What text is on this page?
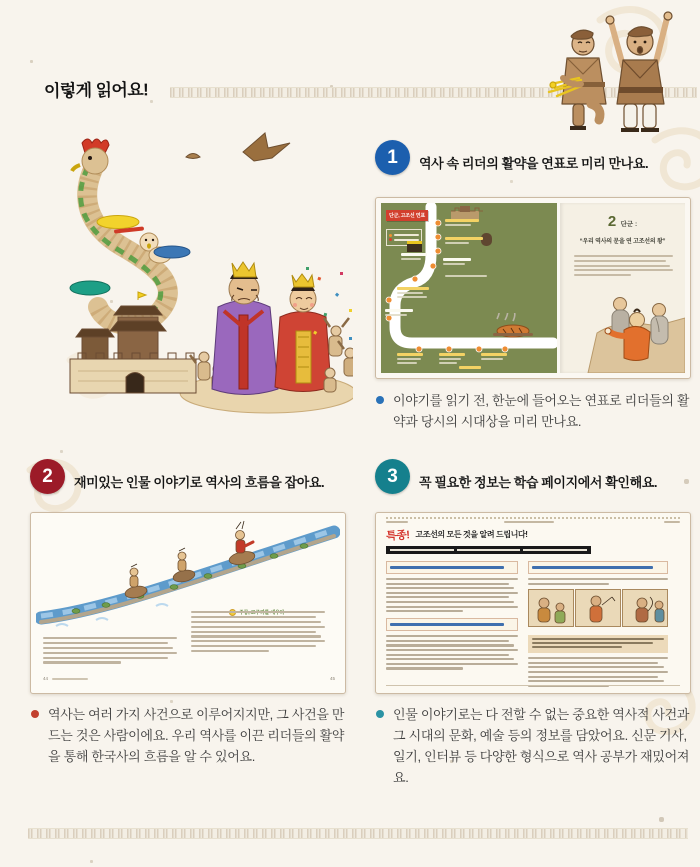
이렇게 읽어요!
1	역사 속 리더의 활약을 연표로 미리 만나요.
단군, 고조선 연표	2 단군 :
“우리 역사의 문을 연 고조선의 왕”
이야기를 읽기 전, 한눈에 들어오는 연표로 리더들의 활약과 당시의 시대상을 미리 만나요.
2	재미있는 인물 이야기로 역사의 흐름을 잡아요.
44	45
역사는 여러 가지 사건으로 이루어지지만, 그 사건을 만드는 것은 사람이에요. 우리 역사를 이끈 리더들의 활약을 통해 한국사의 흐름을 알 수 있어요.
3	꼭 필요한 정보는 학습 페이지에서 확인해요.
특종! 고조선의 모든 것을 알려 드립니다!
인물 이야기로는 다 전할 수 없는 중요한 역사적 사건과 그 시대의 문화, 예술 등의 정보를 담았어요. 신문 기사, 일기, 인터뷰 등 다양한 형식으로 역사 공부가 재밌어져요.
